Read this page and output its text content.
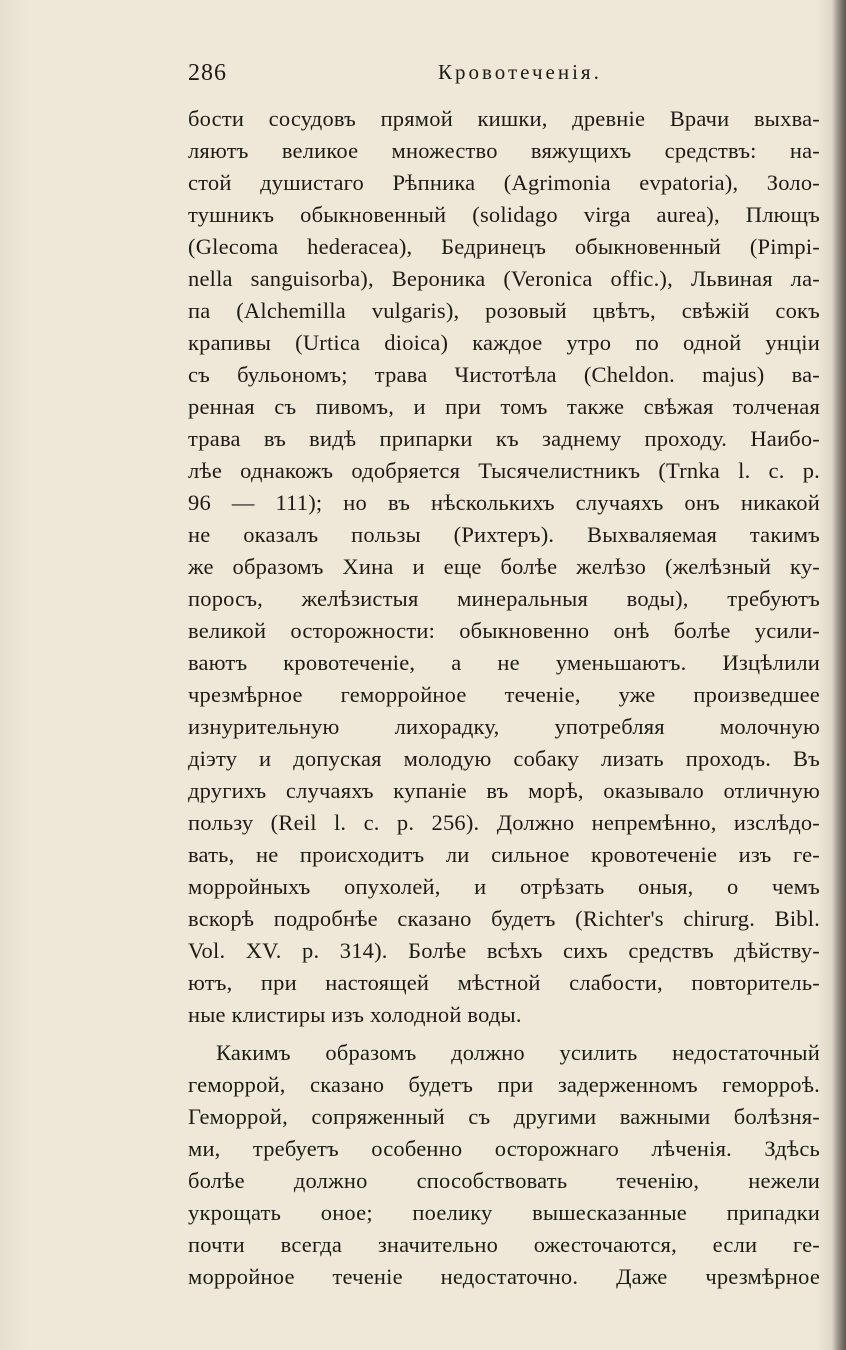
286	Кровотеченія.
бости сосудовъ прямой кишки, древніе Врачи выхва-
ляютъ великое множество вяжущихъ средствъ: на-
стой душистаго Рѣпника (Agrimonia evpatoria), Золо-
тушникъ обыкновенный (solidago virga aurea), Плющъ
(Glecoma hederacea), Бедринецъ обыкновенный (Pimpi-
nella sanguisorba), Вероника (Veronica offic.), Львиная ла-
па (Alchemilla vulgaris), розовый цвѣтъ, свѣжій сокъ
крапивы (Urtica dioica) каждое утро по одной унціи
съ бульономъ; трава Чистотѣла (Cheldon. majus) ва-
ренная съ пивомъ, и при томъ также свѣжая толченая
трава въ видѣ припарки къ заднему проходу. Наибо-
лѣе однакожъ одобряется Тысячелистникъ (Trnka l. c. p.
96 — 111); но въ нѣсколькихъ случаяхъ онъ никакой
не оказалъ пользы (Рихтеръ). Выхваляемая такимъ
же образомъ Хина и еще болѣе желѣзо (желѣзный ку-
поросъ, желѣзистыя минеральныя воды), требуютъ
великой осторожности: обыкновенно онѣ болѣе усили-
ваютъ кровотеченіе, а не уменьшаютъ. Изцѣлили
чрезмѣрное геморройное теченіе, уже произведшее
изнурительную лихорадку, употребляя молочную
діэту и допуская молодую собаку лизать проходъ. Въ
другихъ случаяхъ купаніе въ морѣ, оказывало отличную
пользу (Reil l. c. p. 256). Должно непремѣнно, изслѣдо-
вать, не происходитъ ли сильное кровотеченіе изъ ге-
морройныхъ опухолей, и отрѣзать оныя, о чемъ
вскорѣ подробнѣе сказано будетъ (Richter's chirurg. Bibl.
Vol. XV. p. 314). Болѣе всѣхъ сихъ средствъ дѣйству-
ютъ, при настоящей мѣстной слабости, повторитель-
ные клистиры изъ холодной воды.
Какимъ образомъ должно усилить недостаточный
геморрой, сказано будетъ при задерженномъ геморроѣ.
Геморрой, сопряженный съ другими важными болѣзня-
ми, требуетъ особенно осторожнаго лѣченія. Здѣсь
болѣе должно способствовать теченію, нежели
укрощать оное; поелику вышесказанные припадки
почти всегда значительно ожесточаются, если ге-
морройное теченіе недостаточно. Даже чрезмѣрное
